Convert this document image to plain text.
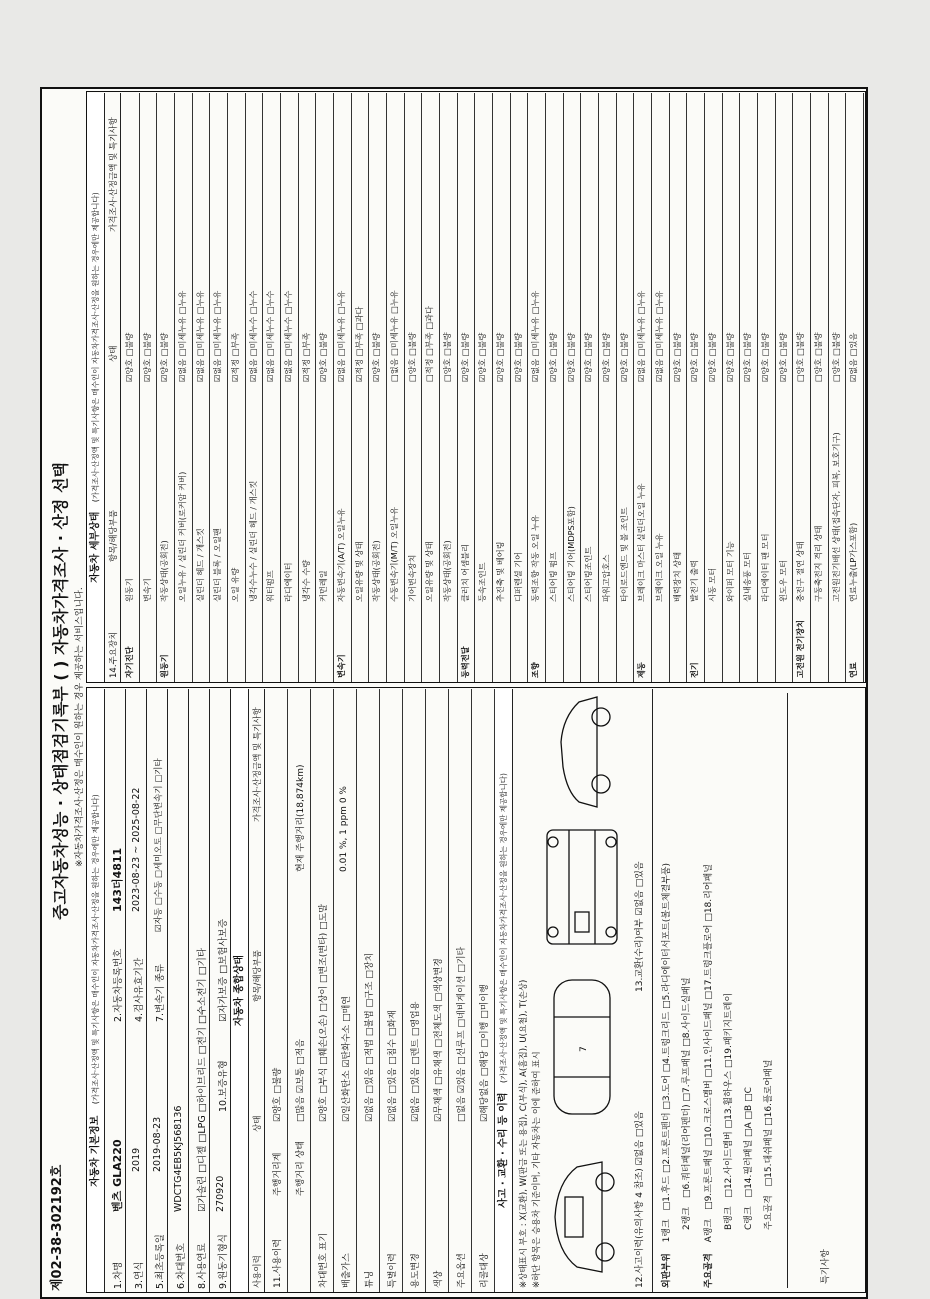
제02-38-302192호
중고자동차성능 · 상태점검기록부 ( ) 자동차가격조사 · 산정 선택 ※자동차가격조사·산정은 매수인이 원하는 경우 제공하는 서비스입니다.
자동차 기본정보 (가격조사·산정액 및 특기사항은 매수인이 자동차가격조사·산정을 원하는 경우에만 제공합니다)
1.차명
벤츠 GLA220
2.자동차등록번호
143더4811
3.연식
2019
4.검사유효기간
2023-08-23 ~ 2025-08-22
5.최초등록일
2019-08-23
7.변속기 종류
☑자동 □수동 □세미오토 □무단변속기 □기타
6.차대번호
WDCTG4EB5KJ568136
8.사용연료
☑가솔린 □디젤 □LPG □하이브리드 □전기 □수소전기 □기타
9.원동기형식
270920
10.보증유형
☑자가보증 □보험사보증 자동차 종합상태
사용이력
상태
항목/해당부품
가격조사·산정금액 및 특기사항
11.사용이력
주행거리계
☑양호 □불량
주행거리 상태
□많음 ☑보통 □적음
현재 주행거리(18,874km)
차대번호 표기
☑양호 □부식 □훼손(오손) □상이 □변조(변타) □도말
배출가스
☑일산화탄소 ☑탄화수소 □매연
0.01 %, 1 ppm 0 %
튜닝
☑없음 □있음 □적법 □불법 □구조 □장치
특별이력
☑없음 □있음 □침수 □화재
용도변경
☑없음 □있음 □렌트 □영업용
색상
☑무채색 □유채색 □전체도색 □색상변경
주요옵션
□없음 ☑있음 □선루프 □네비게이션 □기타
리콜대상
☑해당없음 □해당 □이행 □미이행
사고 · 교환 · 수리 등 이력 (가격조사·산정액 및 특기사항은 매수인이 자동차가격조사·산정을 원하는 경우에만 제공합니다)
※상태표시 부호 : X(교환), W(판금 또는 용접), C(부식), A(흠집), U(요철), T(손상) ※하단 항목은 승용차 기준이며, 기타 자동차는 이에 준하여 표시
7
12.사고이력(유의사항 4 참조) ☑없음 □있음
13.교환(수리)여부 ☑없음 □있음
외판부위 1랭크 □1.후드 □2.프론트펜더 □3.도어 □4.트렁크리드 □5.라디에이터서포트(볼트체결부품)
2랭크 □6.쿼터패널(리어펜더) □7.루프패널 □8.사이드실패널
주요골격 A랭크 □9.프론트패널 □10.크로스멤버 □11.인사이드패널 □17.트렁크플로어 □18.리어패널
B랭크 □12.사이드멤버 □13.휠하우스 □19.패키지트레이
C랭크 □14.필러패널 □A □B □C
주요골격 □15.대쉬패널 □16.플로어패널
특기사항
자동차 세부상태 (가격조사·산정액 및 특기사항은 매수인이 자동차가격조사·산정을 원하는 경우에만 제공합니다)
14.주요장치
항목/해당부품
상태
가격조사·산정금액 및 특기사항
자기진단
원동기
☑양호 □불량
변속기
☑양호 □불량
원동기
작동상태(공회전)
☑양호 □불량
오일누유 / 실린더 커버(로커암 커버)
☑없음 □미세누유 □누유
실린더 헤드 / 개스킷
☑없음 □미세누유 □누유
실린더 블록 / 오일팬
☑없음 □미세누유 □누유
오일 유량
☑적정 □부족
냉각수누수 / 실린더 헤드 / 개스킷
☑없음 □미세누수 □누수
워터펌프
☑없음 □미세누수 □누수
라디에이터
☑없음 □미세누수 □누수
냉각수 수량
☑적정 □부족
커먼레일
☑양호 □불량
변속기
자동변속기(A/T) 오일누유
☑없음 □미세누유 □누유
오일유량 및 상태
☑적정 □부족 □과다
작동상태(공회전)
☑양호 □불량
수동변속기(M/T) 오일누유
□없음 □미세누유 □누유
기어변속장치
□양호 □불량
오일유량 및 상태
□적정 □부족 □과다
작동상태(공회전)
□양호 □불량
동력전달
클러치 어셈블리
☑양호 □불량
등속조인트
☑양호 □불량
추진축 및 베어링
☑양호 □불량
디퍼렌셜 기어
☑양호 □불량
조향
동력조향 작동 오일 누유
☑없음 □미세누유 □누유
스티어링 펌프
☑양호 □불량
스티어링 기어(MDPS포함)
☑양호 □불량
스티어링조인트
☑양호 □불량
파워고압호스
☑양호 □불량
타이로드엔드 및 볼 조인트
☑양호 □불량
제동
브레이크 마스터 실린더오일 누유
☑없음 □미세누유 □누유
브레이크 오일 누유
☑없음 □미세누유 □누유
배력장치 상태
☑양호 □불량
전기
발전기 출력
☑양호 □불량
시동 모터
☑양호 □불량
와이퍼 모터 기능
☑양호 □불량
실내송풍 모터
☑양호 □불량
라디에이터 팬 모터
☑양호 □불량
윈도우 모터
☑양호 □불량
고전원 전기장치
충전구 절연 상태
□양호 □불량
구동축전지 격리 상태
□양호 □불량
고전원전기배선 상태(접속단자, 피복, 보호기구)
□양호 □불량
연료
연료누출(LP가스포함)
☑없음 □있음
